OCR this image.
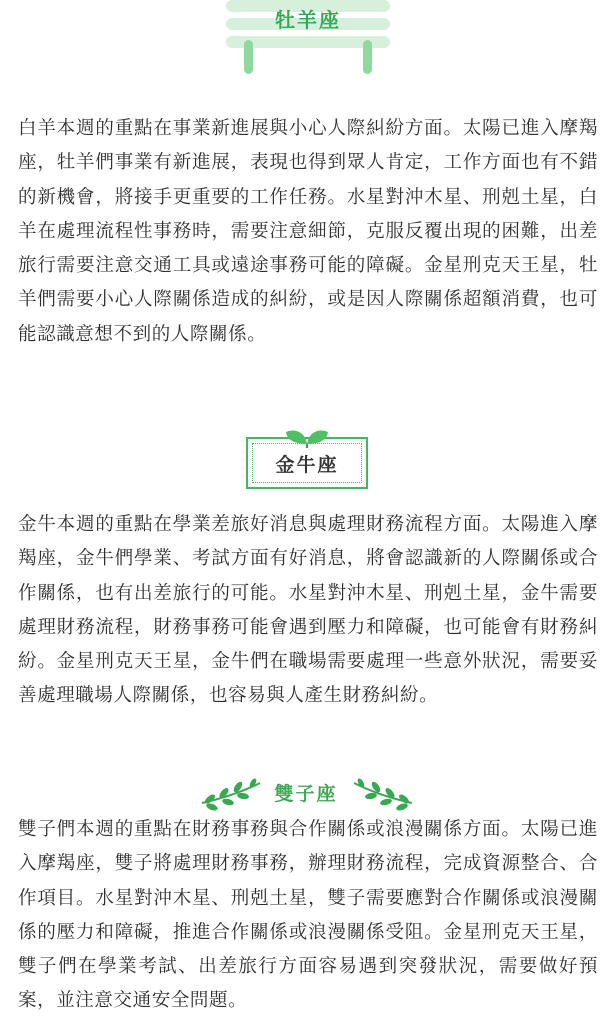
牡羊座

白羊本週的重點在事業新進展與小心人際糾紛方面。太陽已進入摩羯座，牡羊們事業有新進展，表現也得到眾人肯定，工作方面也有不錯的新機會，將接手更重要的工作任務。水星對沖木星、刑剋土星，白羊在處理流程性事務時，需要注意細節，克服反覆出現的困難，出差旅行需要注意交通工具或遠途事務可能的障礙。金星刑克天王星，牡羊們需要小心人際關係造成的糾紛，或是因人際關係超額消費，也可能認識意想不到的人際關係。

金牛座

金牛本週的重點在學業差旅好消息與處理財務流程方面。太陽進入摩羯座，金牛們學業、考試方面有好消息，將會認識新的人際關係或合作關係，也有出差旅行的可能。水星對沖木星、刑剋土星，金牛需要處理財務流程，財務事務可能會遇到壓力和障礙，也可能會有財務糾紛。金星刑克天王星，金牛們在職場需要處理一些意外狀況，需要妥善處理職場人際關係，也容易與人產生財務糾紛。

雙子座

雙子們本週的重點在財務事務與合作關係或浪漫關係方面。太陽已進入摩羯座，雙子將處理財務事務，辦理財務流程，完成資源整合、合作項目。水星對沖木星、刑剋土星，雙子需要應對合作關係或浪漫關係的壓力和障礙，推進合作關係或浪漫關係受阻。金星刑克天王星，雙子們在學業考試、出差旅行方面容易遇到突發狀況，需要做好預案，並注意交通安全問題。
